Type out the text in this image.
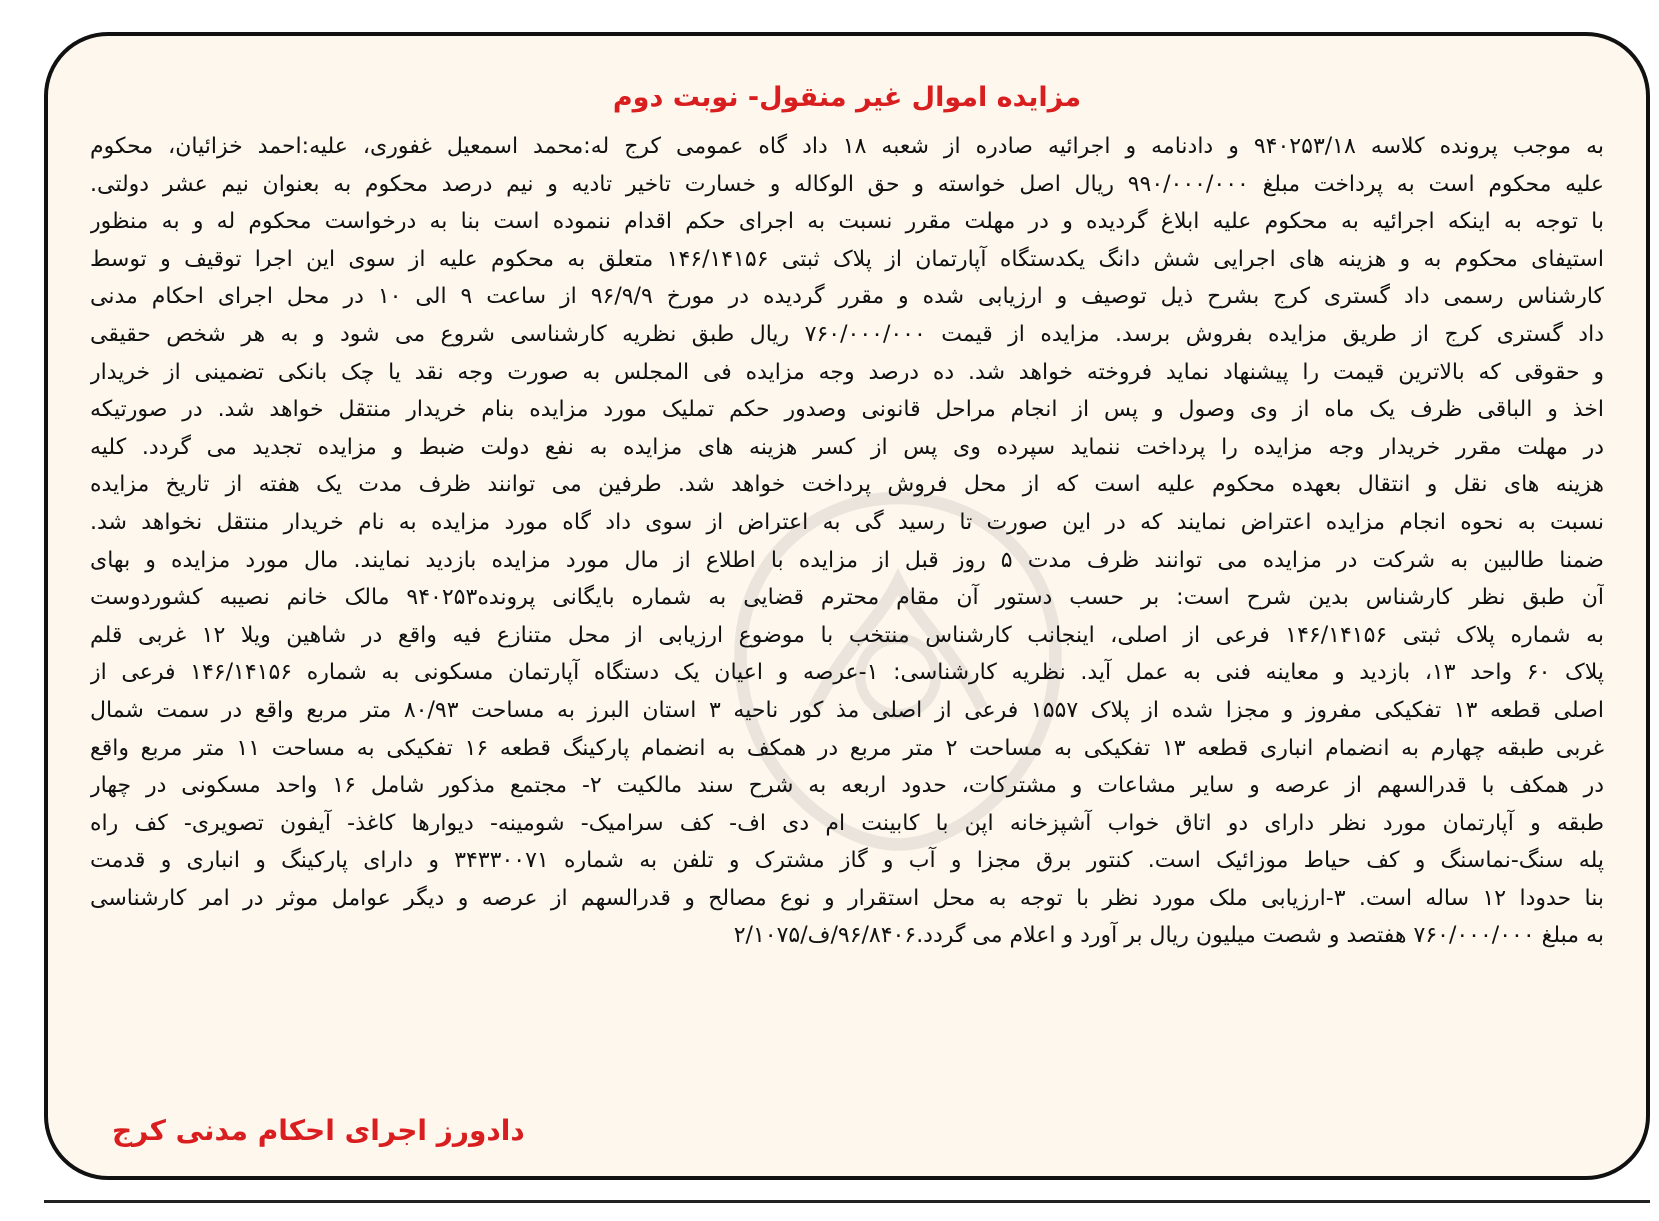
مزایده اموال غیر منقول- نوبت دوم
به موجب پرونده کلاسه ۹۴۰۲۵۳/۱۸ و دادنامه و اجرائیه صادره از شعبه ۱۸ داد گاه عمومی کرج له:محمد اسمعیل غفوری، علیه:احمد خزائیان، محکوم
علیه محکوم است به پرداخت مبلغ ۹۹۰/۰۰۰/۰۰۰ ریال اصل خواسته و حق الوکاله و خسارت تاخیر تادیه و نیم درصد محکوم به بعنوان نیم عشر دولتی.
با توجه به اینکه اجرائیه به محکوم علیه ابلاغ گردیده و در مهلت مقرر نسبت به اجرای حکم اقدام ننموده است بنا به درخواست محکوم له و به منظور
استیفای محکوم به و هزینه های اجرایی شش دانگ یکدستگاه آپارتمان از پلاک ثبتی ۱۴۶/۱۴۱۵۶ متعلق به محکوم علیه از سوی این اجرا توقیف و توسط
کارشناس رسمی داد گستری کرج بشرح ذیل توصیف و ارزیابی شده و مقرر گردیده در مورخ ۹۶/۹/۹ از ساعت ۹ الی ۱۰ در محل اجرای احکام مدنی
داد گستری کرج از طریق مزایده بفروش برسد. مزایده از قیمت ۷۶۰/۰۰۰/۰۰۰ ریال طبق نظریه کارشناسی شروع می شود و به هر شخص حقیقی
و حقوقی که بالاترین قیمت را پیشنهاد نماید فروخته خواهد شد. ده درصد وجه مزایده فی المجلس به صورت وجه نقد یا چک بانکی تضمینی از خریدار
اخذ و الباقی ظرف یک ماه از وی وصول و پس از انجام مراحل قانونی وصدور حکم تملیک مورد مزایده بنام خریدار منتقل خواهد شد. در صورتیکه
در مهلت مقرر خریدار وجه مزایده را پرداخت ننماید سپرده وی پس از کسر هزینه های مزایده به نفع دولت ضبط و مزایده تجدید می گردد. کلیه
هزینه های نقل و انتقال بعهده محکوم علیه است که از محل فروش پرداخت خواهد شد. طرفین می توانند ظرف مدت یک هفته از تاریخ مزایده
نسبت به نحوه انجام مزایده اعتراض نمایند که در این صورت تا رسید گی به اعتراض از سوی داد گاه مورد مزایده به نام خریدار منتقل نخواهد شد.
ضمنا طالبین به شرکت در مزایده می توانند ظرف مدت ۵ روز قبل از مزایده با اطلاع از مال مورد مزایده بازدید نمایند. مال مورد مزایده و بهای
آن طبق نظر کارشناس بدین شرح است: بر حسب دستور آن مقام محترم قضایی به شماره بایگانی پرونده۹۴۰۲۵۳ مالک خانم نصیبه کشوردوست
به شماره پلاک ثبتی ۱۴۶/۱۴۱۵۶ فرعی از اصلی، اینجانب کارشناس منتخب با موضوع ارزیابی از محل متنازع فیه واقع در شاهین ویلا ۱۲ غربی قلم
پلاک ۶۰ واحد ۱۳، بازدید و معاینه فنی به عمل آید. نظریه کارشناسی: ۱-عرصه و اعیان یک دستگاه آپارتمان مسکونی به شماره ۱۴۶/۱۴۱۵۶ فرعی از
اصلی قطعه ۱۳ تفکیکی مفروز و مجزا شده از پلاک ۱۵۵۷ فرعی از اصلی مذ کور ناحیه ۳ استان البرز به مساحت ۸۰/۹۳ متر مربع واقع در سمت شمال
غربی طبقه چهارم به انضمام انباری قطعه ۱۳ تفکیکی به مساحت ۲ متر مربع در همکف به انضمام پارکینگ قطعه ۱۶ تفکیکی به مساحت ۱۱ متر مربع واقع
در همکف با قدرالسهم از عرصه و سایر مشاعات و مشترکات، حدود اربعه به شرح سند مالکیت ۲- مجتمع مذکور شامل ۱۶ واحد مسکونی در چهار
طبقه و آپارتمان مورد نظر دارای دو اتاق خواب آشپزخانه اپن با کابینت ام دی اف- کف سرامیک- شومینه- دیوارها کاغذ- آیفون تصویری- کف راه
پله سنگ-نماسنگ و کف حیاط موزائیک است. کنتور برق مجزا و آب و گاز مشترک و تلفن به شماره ۳۴۳۳۰۰۷۱ و دارای پارکینگ و انباری و قدمت
بنا حدودا ۱۲ ساله است. ۳-ارزیابی ملک مورد نظر با توجه به محل استقرار و نوع مصالح و قدرالسهم از عرصه و دیگر عوامل موثر در امر کارشناسی
به مبلغ ۷۶۰/۰۰۰/۰۰۰ هفتصد و شصت میلیون ریال بر آورد و اعلام می گردد.۹۶/۸۴۰۶/ف/۲/۱۰۷۵
دادورز اجرای احکام مدنی کرج
